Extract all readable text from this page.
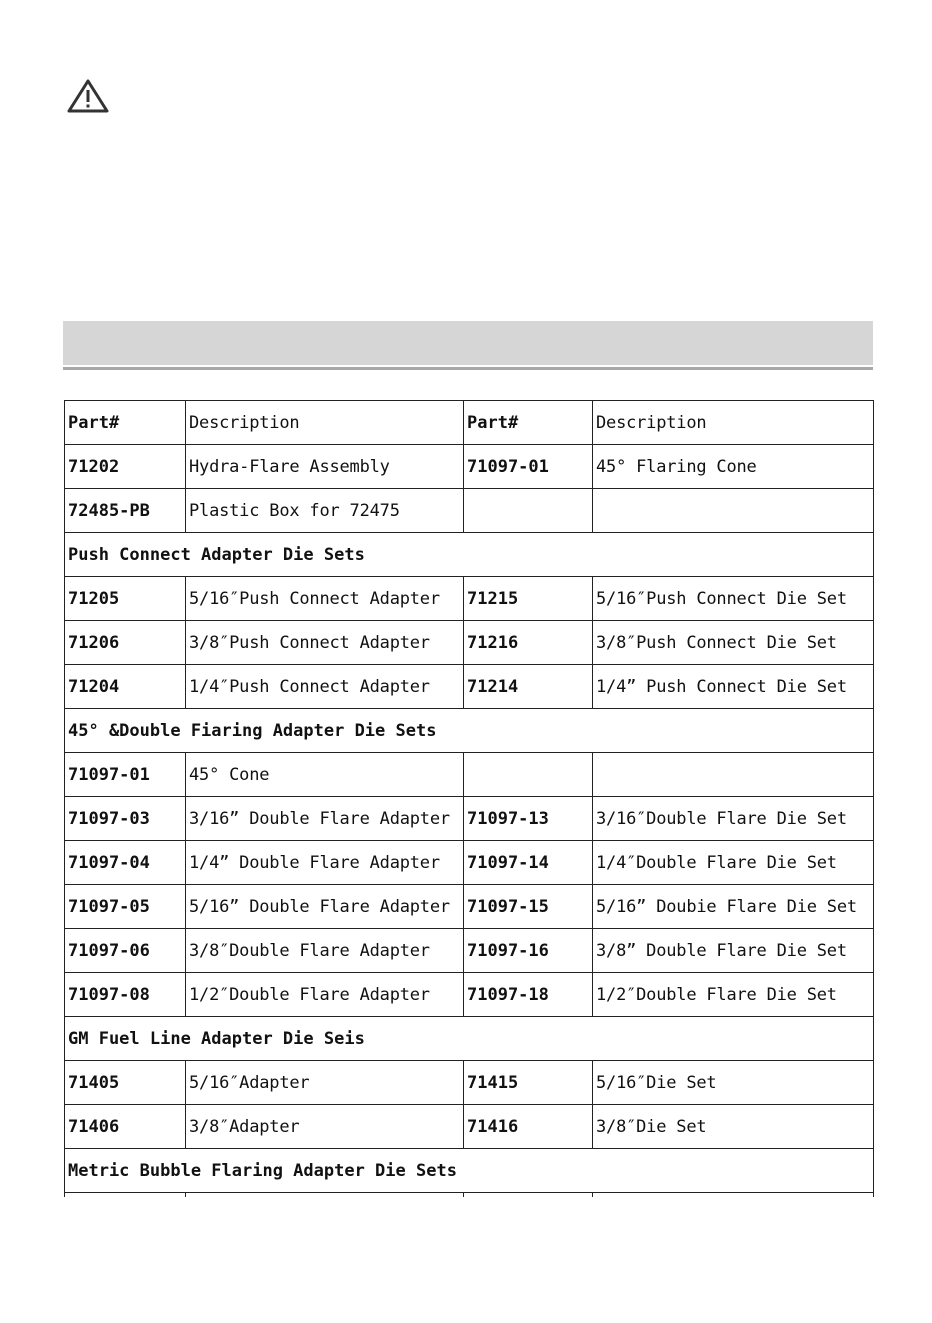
Part#	Description	Part#	Description
71202	Hydra-Flare Assembly	71097-01	45° Flaring Cone
72485-PB	Plastic Box for 72475		
Push Connect Adapter Die Sets			
71205	5/16″Push Connect Adapter	71215	5/16″Push Connect Die Set
71206	3/8″Push Connect Adapter	71216	3/8″Push Connect Die Set
71204	1/4″Push Connect Adapter	71214	1/4” Push Connect Die Set
45° &Double Fiaring Adapter Die Sets			
71097-01	45° Cone		
71097-03	3/16” Double Flare Adapter	71097-13	3/16″Double Flare Die Set
71097-04	1/4” Double Flare Adapter	71097-14	1/4″Double Flare Die Set
71097-05	5/16” Double Flare Adapter	71097-15	5/16” Doubie Flare Die Set
71097-06	3/8″Double Flare Adapter	71097-16	3/8” Double Flare Die Set
71097-08	1/2″Double Flare Adapter	71097-18	1/2″Double Flare Die Set
GM Fuel Line Adapter Die Seis			
71405	5/16″Adapter	71415	5/16″Die Set
71406	3/8″Adapter	71416	3/8″Die Set
Metric Bubble Flaring Adapter Die Sets			
